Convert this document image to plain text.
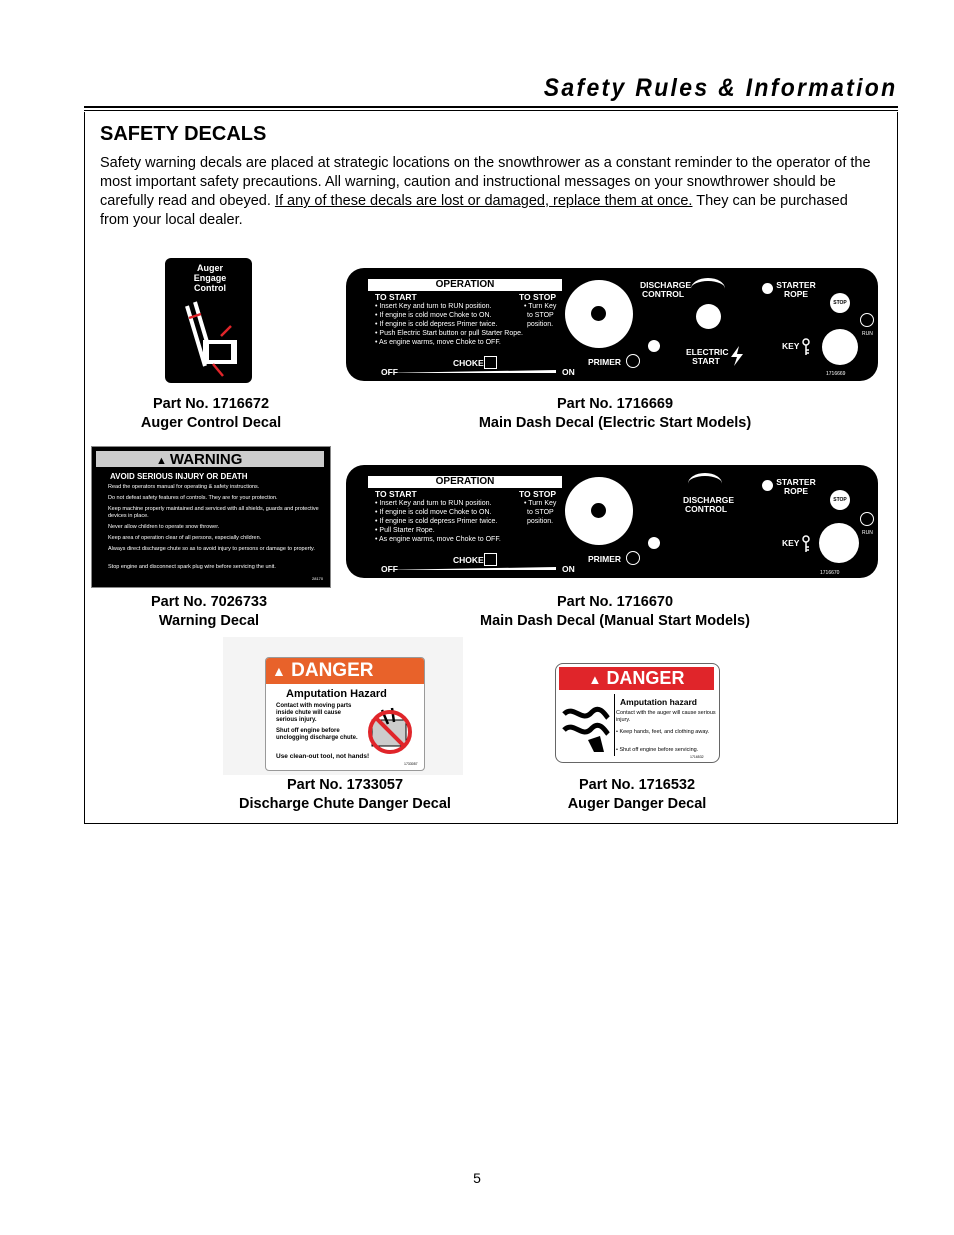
Safety Rules & Information
SAFETY DECALS
Safety warning decals are placed at strategic locations on the snowthrower as a constant reminder to the operator of the most important safety precautions. All warning, caution and instructional messages on your snowthrower should be carefully read and obeyed. If any of these decals are lost or damaged, replace them at once. They can be purchased from your local dealer.
Auger Engage Control
1716672
Part No. 1716672
Auger Control Decal
OPERATION
TO START	TO STOP
• Insert Key and turn to RUN position.
• If engine is cold move Choke to ON.
• If engine is cold depress Primer twice.
• Push Electric Start button or pull Starter Rope.
• As engine warms, move Choke to OFF.
• Turn Key
to STOP
position.
CHOKE
OFF	ON
PRIMER
DISCHARGE CONTROL
ELECTRIC START
STARTER ROPE
STOP
RUN
KEY
1716669
Part No. 1716669
Main Dash Decal (Electric Start Models)
▲ WARNING
AVOID SERIOUS INJURY OR DEATH
Read the operators manual for operating & safety instructions.
Do not defeat safety features of controls. They are for your protection.
Keep machine properly maintained and serviced with all shields, guards and protective devices in place.
Never allow children to operate snow thrower.
Keep area of operation clear of all persons, especially children.
Always direct discharge chute so as to avoid injury to persons or damage to property.
Stop engine and disconnect spark plug wire before servicing the unit.
28170
Part No. 7026733
Warning Decal
OPERATION
TO START	TO STOP
• Insert Key and turn to RUN position.
• If engine is cold move Choke to ON.
• If engine is cold depress Primer twice.
• Pull Starter Rope.
• As engine warms, move Choke to OFF.
• Turn Key
to STOP
position.
CHOKE
OFF	ON
PRIMER
DISCHARGE CONTROL
STARTER ROPE
STOP
RUN
KEY
1716670
Part No. 1716670
Main Dash Decal (Manual Start Models)
▲ DANGER
Amputation Hazard
Contact with moving parts
inside chute will cause
serious injury.
Shut off engine before
unclogging discharge chute.
Use clean-out tool, not hands!
1733057
Part No. 1733057
Discharge Chute Danger Decal
▲ DANGER
Amputation hazard
Contact with the auger will cause serious injury.
• Keep hands, feet, and clothing away.
• Shut off engine before servicing.
1716532
Part No. 1716532
Auger Danger Decal
5
